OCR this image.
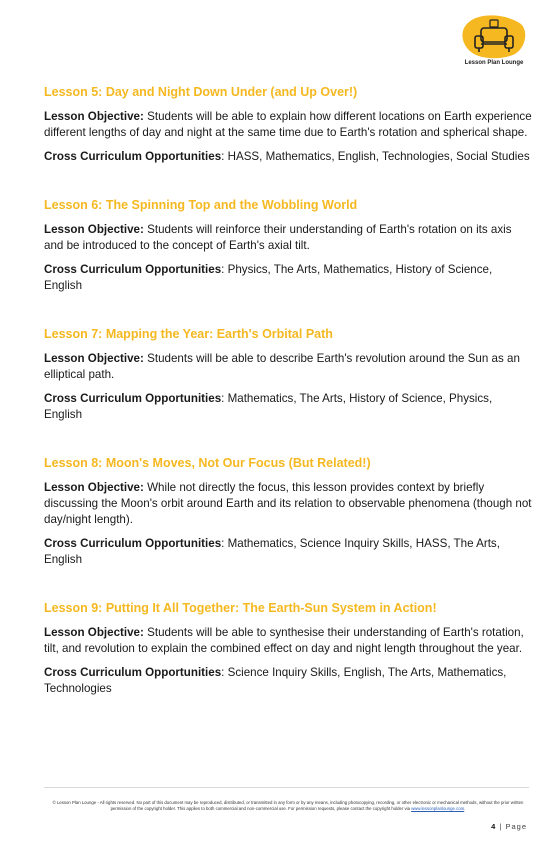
Lesson Plan Lounge

Lesson 5: Day and Night Down Under (and Up Over!)

Lesson Objective: Students will be able to explain how different locations on Earth experience different lengths of day and night at the same time due to Earth's rotation and spherical shape.

Cross Curriculum Opportunities: HASS, Mathematics, English, Technologies, Social Studies

Lesson 6: The Spinning Top and the Wobbling World

Lesson Objective: Students will reinforce their understanding of Earth's rotation on its axis and be introduced to the concept of Earth's axial tilt.

Cross Curriculum Opportunities: Physics, The Arts, Mathematics, History of Science, English

Lesson 7: Mapping the Year: Earth's Orbital Path

Lesson Objective: Students will be able to describe Earth's revolution around the Sun as an elliptical path.

Cross Curriculum Opportunities: Mathematics, The Arts, History of Science, Physics, English

Lesson 8: Moon's Moves, Not Our Focus (But Related!)

Lesson Objective: While not directly the focus, this lesson provides context by briefly discussing the Moon's orbit around Earth and its relation to observable phenomena (though not day/night length).

Cross Curriculum Opportunities: Mathematics, Science Inquiry Skills, HASS, The Arts, English

Lesson 9: Putting It All Together: The Earth-Sun System in Action!

Lesson Objective: Students will be able to synthesise their understanding of Earth's rotation, tilt, and revolution to explain the combined effect on day and night length throughout the year.

Cross Curriculum Opportunities: Science Inquiry Skills, English, The Arts, Mathematics, Technologies

© Lesson Plan Lounge - All rights reserved. No part of this document may be reproduced, distributed, or transmitted in any form or by any means, including photocopying, recording, or other electronic or mechanical methods, without the prior written permission of the copyright holder. This applies to both commercial and non-commercial use. For permission requests, please contact the copyright holder via www.lessonplanlounge.com.
4 | Page
